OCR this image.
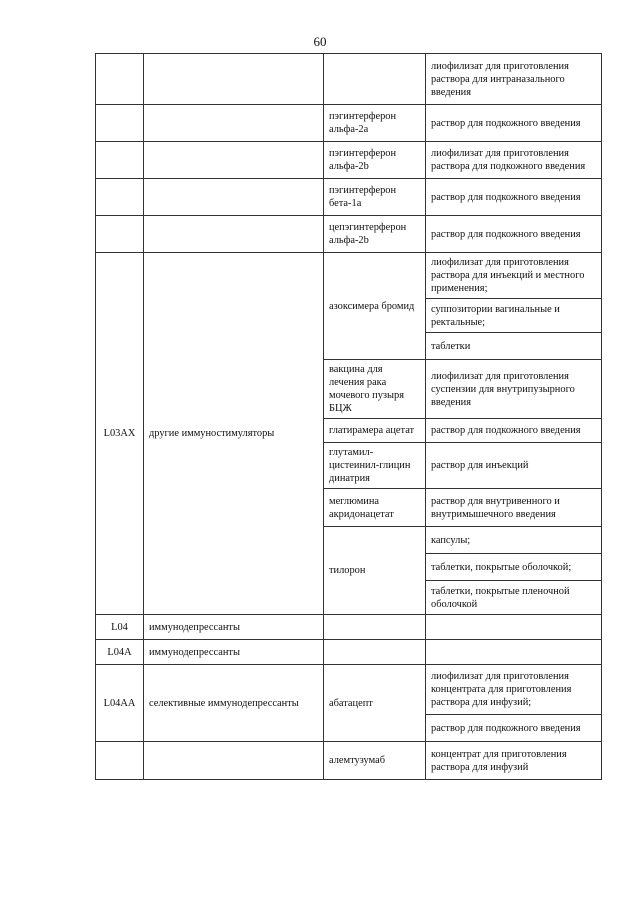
60
			лиофилизат для приготовления раствора для интраназального введения
		пэгинтерферон альфа-2а	раствор для подкожного введения
		пэгинтерферон альфа-2b	лиофилизат для приготовления раствора для подкожного введения
		пэгинтерферон бета-1а	раствор для подкожного введения
		цепэгинтерферон альфа-2b	раствор для подкожного введения
L03AX	другие иммуностимуляторы	азоксимера бромид	лиофилизат для приготовления раствора для инъекций и местного применения;
			суппозитории вагинальные и ректальные;
			таблетки
		вакцина для лечения рака мочевого пузыря БЦЖ	лиофилизат для приготовления суспензии для внутрипузырного введения
		глатирамера ацетат	раствор для подкожного введения
		глутамил-цистеинил-глицин динатрия	раствор для инъекций
		меглюмина акридонацетат	раствор для внутривенного и внутримышечного введения
		тилорон	капсулы;
			таблетки, покрытые оболочкой;
			таблетки, покрытые пленочной оболочкой
L04	иммунодепрессанты		
L04A	иммунодепрессанты		
L04AA	селективные иммунодепрессанты	абатацепт	лиофилизат для приготовления концентрата для приготовления раствора для инфузий;
			раствор для подкожного введения
		алемтузумаб	концентрат для приготовления раствора для инфузий
